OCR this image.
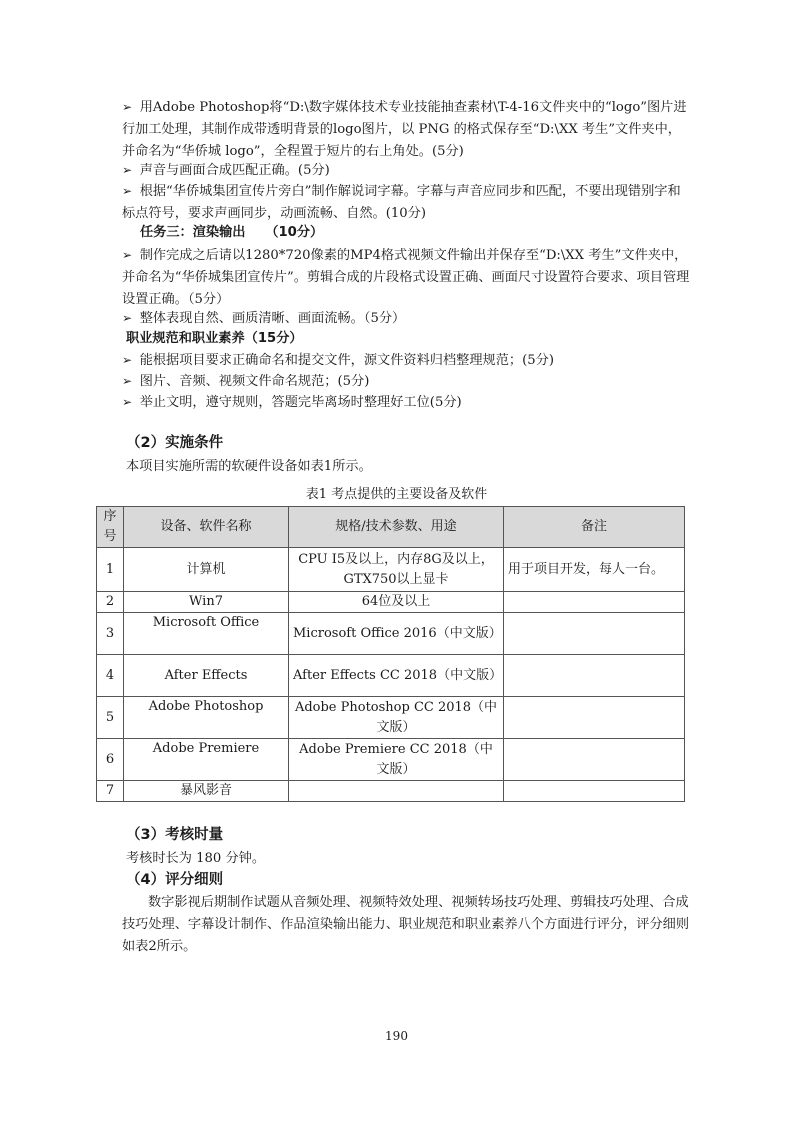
➢  用Adobe Photoshop将“D:\数字媒体技术专业技能抽查素材\T-4-16文件夹中的“logo”图片进行加工处理，其制作成带透明背景的logo图片，以 PNG 的格式保存至“D:\XX 考生”文件夹中，并命名为“华侨城 logo”，全程置于短片的右上角处。(5分)
➢  声音与画面合成匹配正确。(5分)
➢  根据“华侨城集团宣传片旁白”制作解说词字幕。字幕与声音应同步和匹配，不要出现错别字和标点符号，要求声画同步，动画流畅、自然。(10分)
任务三：渲染输出　　（10分）
➢  制作完成之后请以1280*720像素的MP4格式视频文件输出并保存至“D:\XX 考生”文件夹中，并命名为“华侨城集团宣传片”。剪辑合成的片段格式设置正确、画面尺寸设置符合要求、项目管理设置正确。（5分）
➢  整体表现自然、画质清晰、画面流畅。（5分）
职业规范和职业素养（15分）
➢  能根据项目要求正确命名和提交文件，源文件资料归档整理规范；(5分)
➢  图片、音频、视频文件命名规范；(5分)
➢  举止文明，遵守规则，答题完毕离场时整理好工位(5分)
（2）实施条件
本项目实施所需的软硬件设备如表1所示。
表1 考点提供的主要设备及软件
序号	设备、软件名称	规格/技术参数、用途	备注
1	计算机	CPU I5及以上，内存8G及以上，GTX750以上显卡	用于项目开发，每人一台。
2	Win7	64位及以上	
3	Microsoft Office	Microsoft Office 2016（中文版）	
4	After Effects	After Effects CC 2018（中文版）	
5	Adobe Photoshop	Adobe Photoshop CC 2018（中文版）	
6	Adobe Premiere	Adobe Premiere CC 2018（中文版）	
7	暴风影音		
（3）考核时量
考核时长为 180 分钟。
（4）评分细则
数字影视后期制作试题从音频处理、视频特效处理、视频转场技巧处理、剪辑技巧处理、合成技巧处理、字幕设计制作、作品渲染输出能力、职业规范和职业素养八个方面进行评分，评分细则如表2所示。
190
